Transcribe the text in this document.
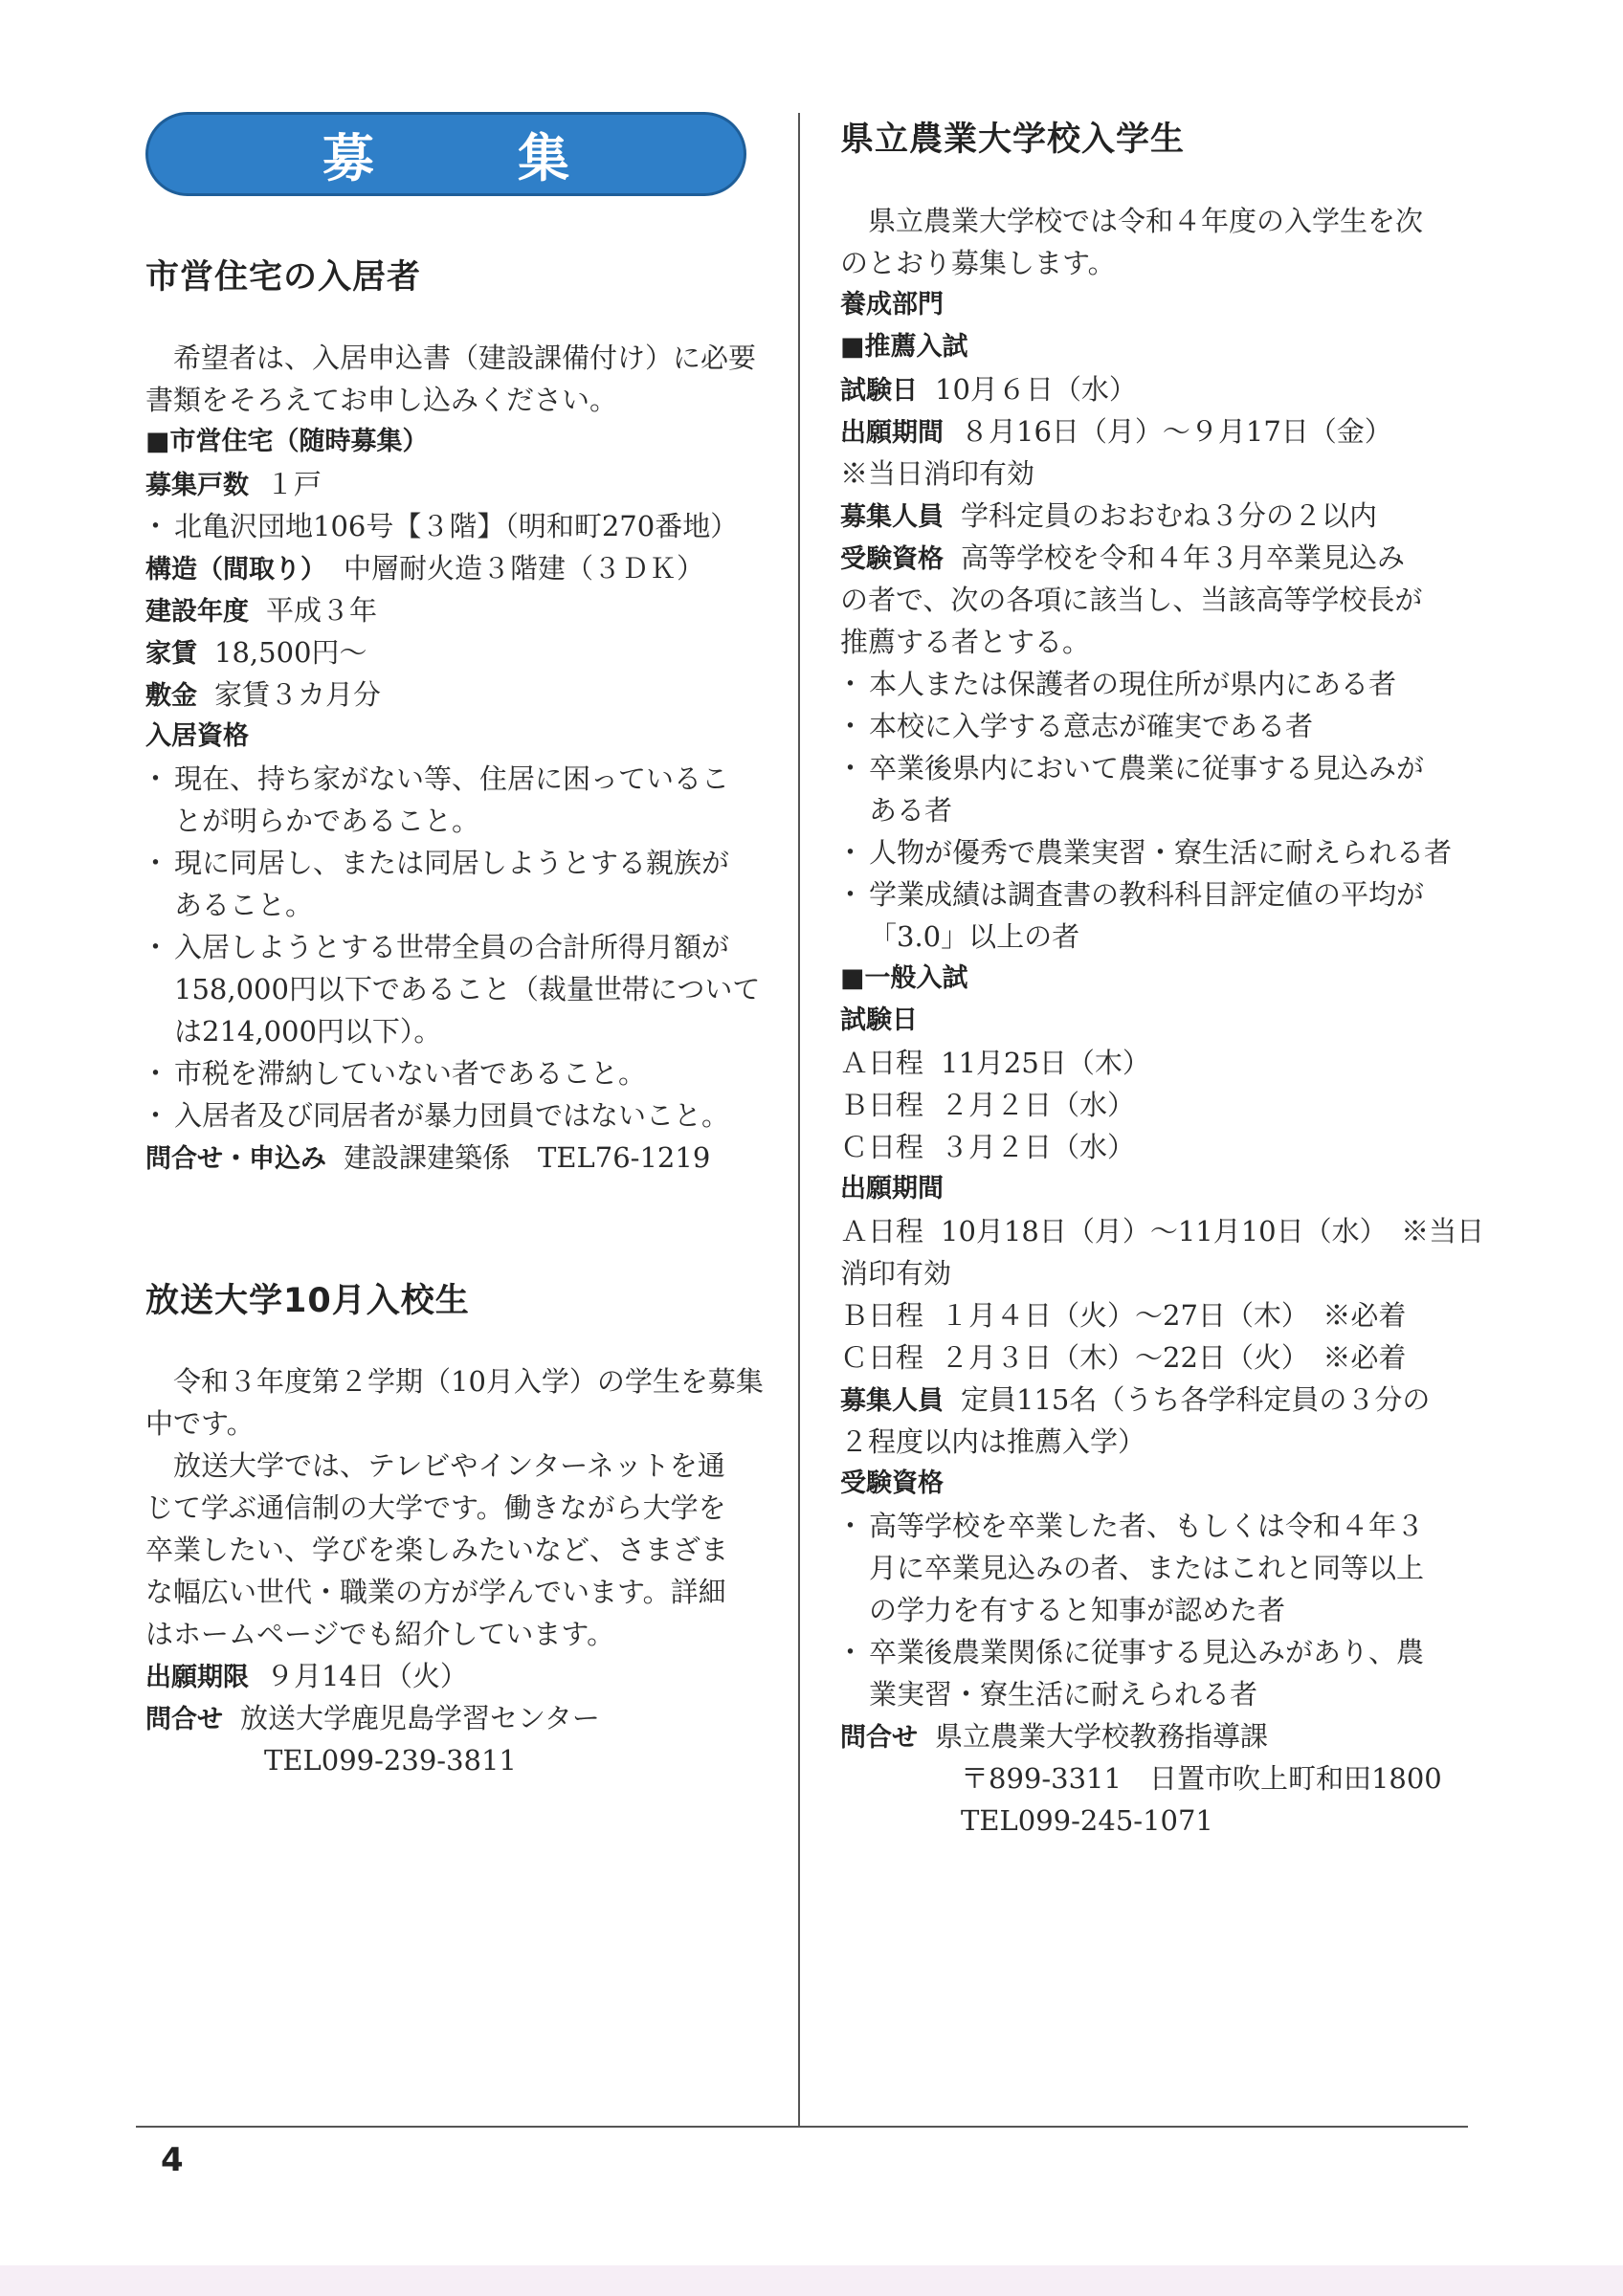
募	集
市営住宅の入居者
希望者は、入居申込書（建設課備付け）に必要
書類をそろえてお申し込みください。
■市営住宅（随時募集）
募集戸数 １戸
・ 北亀沢団地106号【３階】（明和町270番地）
構造（間取り） 中層耐火造３階建（３ＤＫ）
建設年度 平成３年
家賃 18,500円～
敷金 家賃３カ月分
入居資格
・ 現在、持ち家がない等、住居に困っているこ
とが明らかであること。
・ 現に同居し、または同居しようとする親族が
あること。
・ 入居しようとする世帯全員の合計所得月額が
158,000円以下であること（裁量世帯について
は214,000円以下）。
・ 市税を滞納していない者であること。
・ 入居者及び同居者が暴力団員ではないこと。
問合せ・申込み 建設課建築係　TEL76-1219
放送大学10月入校生
令和３年度第２学期（10月入学）の学生を募集
中です。
放送大学では、テレビやインターネットを通
じて学ぶ通信制の大学です。働きながら大学を
卒業したい、学びを楽しみたいなど、さまざま
な幅広い世代・職業の方が学んでいます。詳細
はホームページでも紹介しています。
出願期限 ９月14日（火）
問合せ 放送大学鹿児島学習センター
TEL099-239-3811
県立農業大学校入学生
県立農業大学校では令和４年度の入学生を次
のとおり募集します。
養成部門
■推薦入試
試験日 10月６日（水）
出願期間 ８月16日（月）～９月17日（金）
※当日消印有効
募集人員 学科定員のおおむね３分の２以内
受験資格 高等学校を令和４年３月卒業見込み
の者で、次の各項に該当し、当該高等学校長が
推薦する者とする。
・ 本人または保護者の現住所が県内にある者
・ 本校に入学する意志が確実である者
・ 卒業後県内において農業に従事する見込みが
ある者
・ 人物が優秀で農業実習・寮生活に耐えられる者
・ 学業成績は調査書の教科科目評定値の平均が
「3.0」以上の者
■一般入試
試験日
Ａ日程 11月25日（木）
Ｂ日程 ２月２日（水）
Ｃ日程 ３月２日（水）
出願期間
Ａ日程 10月18日（月）～11月10日（水）　※当日
消印有効
Ｂ日程 １月４日（火）～27日（木）　※必着
Ｃ日程 ２月３日（木）～22日（火）　※必着
募集人員 定員115名（うち各学科定員の３分の
２程度以内は推薦入学）
受験資格
・ 高等学校を卒業した者、もしくは令和４年３
月に卒業見込みの者、またはこれと同等以上
の学力を有すると知事が認めた者
・ 卒業後農業関係に従事する見込みがあり、農
業実習・寮生活に耐えられる者
問合せ 県立農業大学校教務指導課
〒899-3311　日置市吹上町和田1800
TEL099-245-1071
4
